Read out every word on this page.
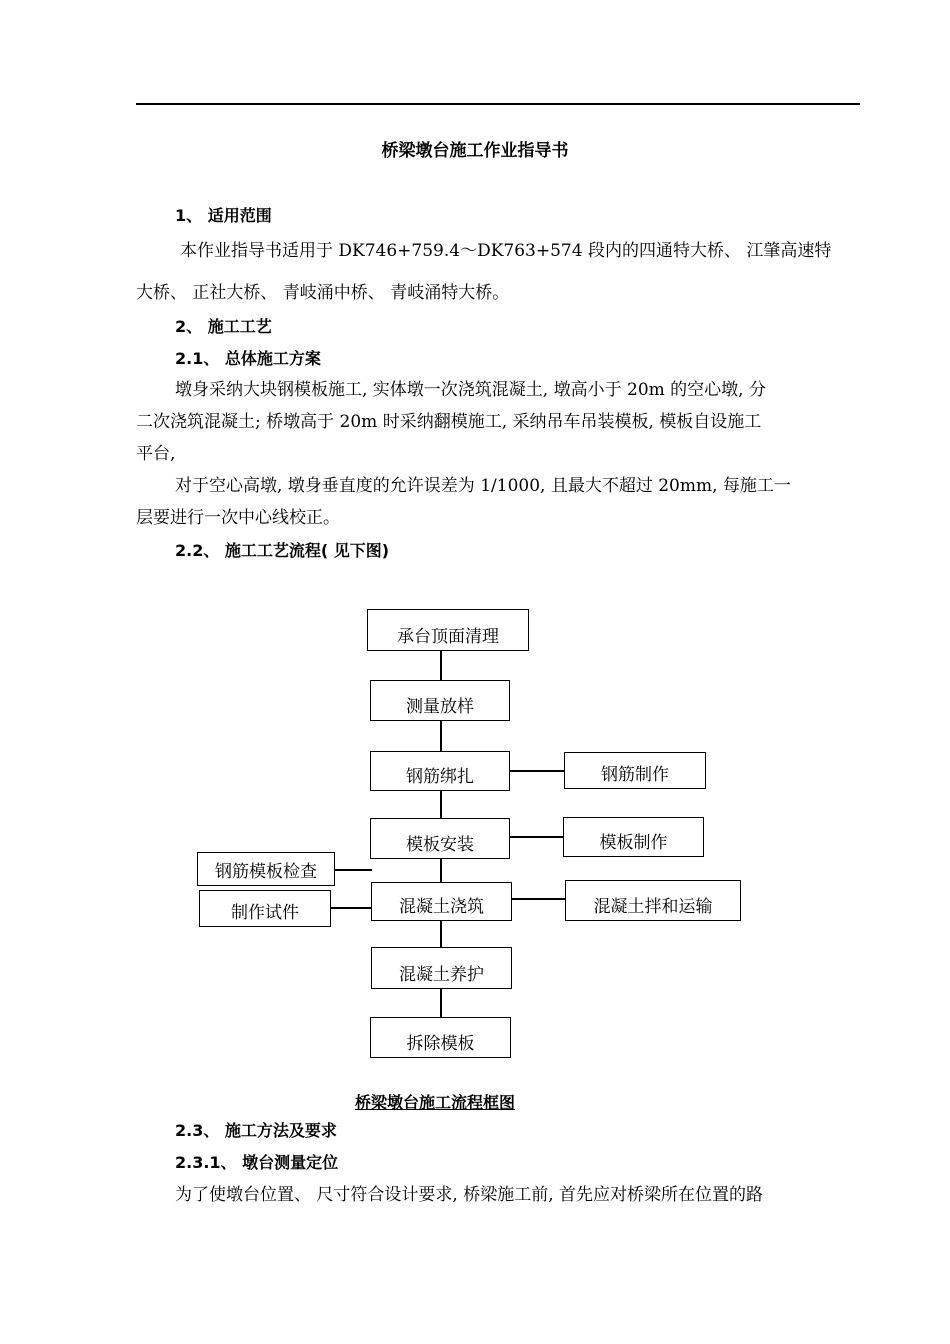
桥梁墩台施工作业指导书
1、 适用范围
本作业指导书适用于 DK746+759.4～DK763+574 段内的四通特大桥、 江肇高速特
大桥、 正社大桥、 青岐涌中桥、 青岐涌特大桥。
2、 施工工艺
2.1、 总体施工方案
墩身采纳大块钢模板施工, 实体墩一次浇筑混凝土, 墩高小于 20m 的空心墩, 分
二次浇筑混凝土; 桥墩高于 20m 时采纳翻模施工, 采纳吊车吊装模板, 模板自设施工
平台,
对于空心高墩, 墩身垂直度的允许误差为 1/1000, 且最大不超过 20mm, 每施工一
层要进行一次中心线校正。
2.2、 施工工艺流程( 见下图)
承台顶面清理
测量放样
钢筋绑扎	钢筋制作
模板安装	模板制作
钢筋模板检查
混凝土浇筑	混凝土拌和运输
制作试件
混凝土养护
拆除模板
桥梁墩台施工流程框图
2.3、 施工方法及要求
2.3.1、 墩台测量定位
为了使墩台位置、 尺寸符合设计要求, 桥梁施工前, 首先应对桥梁所在位置的路
